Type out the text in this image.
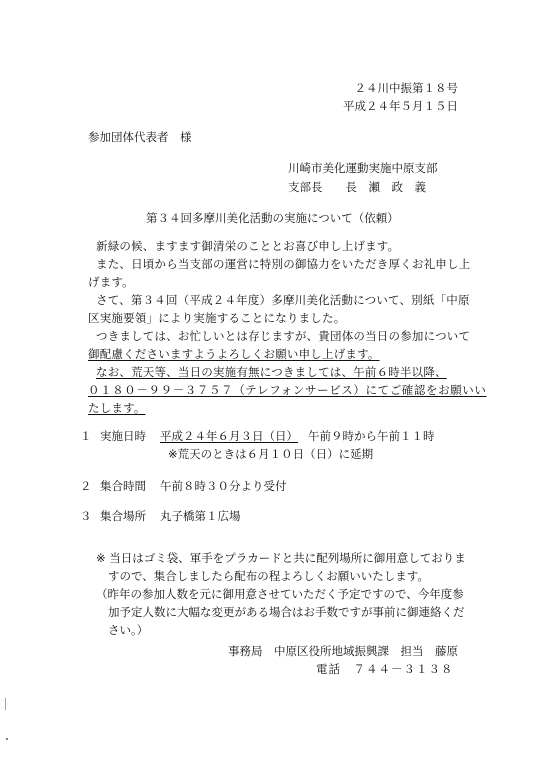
２４川中振第１８号
平成２４年５月１５日
参加団体代表者　様
川崎市美化運動実施中原支部
支部長　　長　瀬　政　義
第３４回多摩川美化活動の実施について（依頼）
新緑の候、ますます御清栄のこととお喜び申し上げます。
また、日頃から当支部の運営に特別の御協力をいただき厚くお礼申し上
げます。
さて、第３４回（平成２４年度）多摩川美化活動について、別紙「中原
区実施要領」により実施することになりました。
つきましては、お忙しいとは存じますが、貴団体の当日の参加について
御配慮くださいますようよろしくお願い申し上げます。
なお、荒天等、当日の実施有無につきましては、午前６時半以降、
０１８０－９９－３７５７（テレフォンサービス）にてご確認をお願いい
たします。
１ 実施日時 平成２４年６月３日（日） 午前９時から午前１１時
※荒天のときは６月１０日（日）に延期
２ 集合時間 午前８時３０分より受付
３ 集合場所 丸子橋第１広場
※ 当日はゴミ袋、軍手をプラカードと共に配列場所に御用意しておりま
すので、集合しましたら配布の程よろしくお願いいたします。
（昨年の参加人数を元に御用意させていただく予定ですので、今年度参
加予定人数に大幅な変更がある場合はお手数ですが事前に御連絡くだ
さい。）
事務局　中原区役所地域振興課　担当　藤原
電話　７４４－３１３８
